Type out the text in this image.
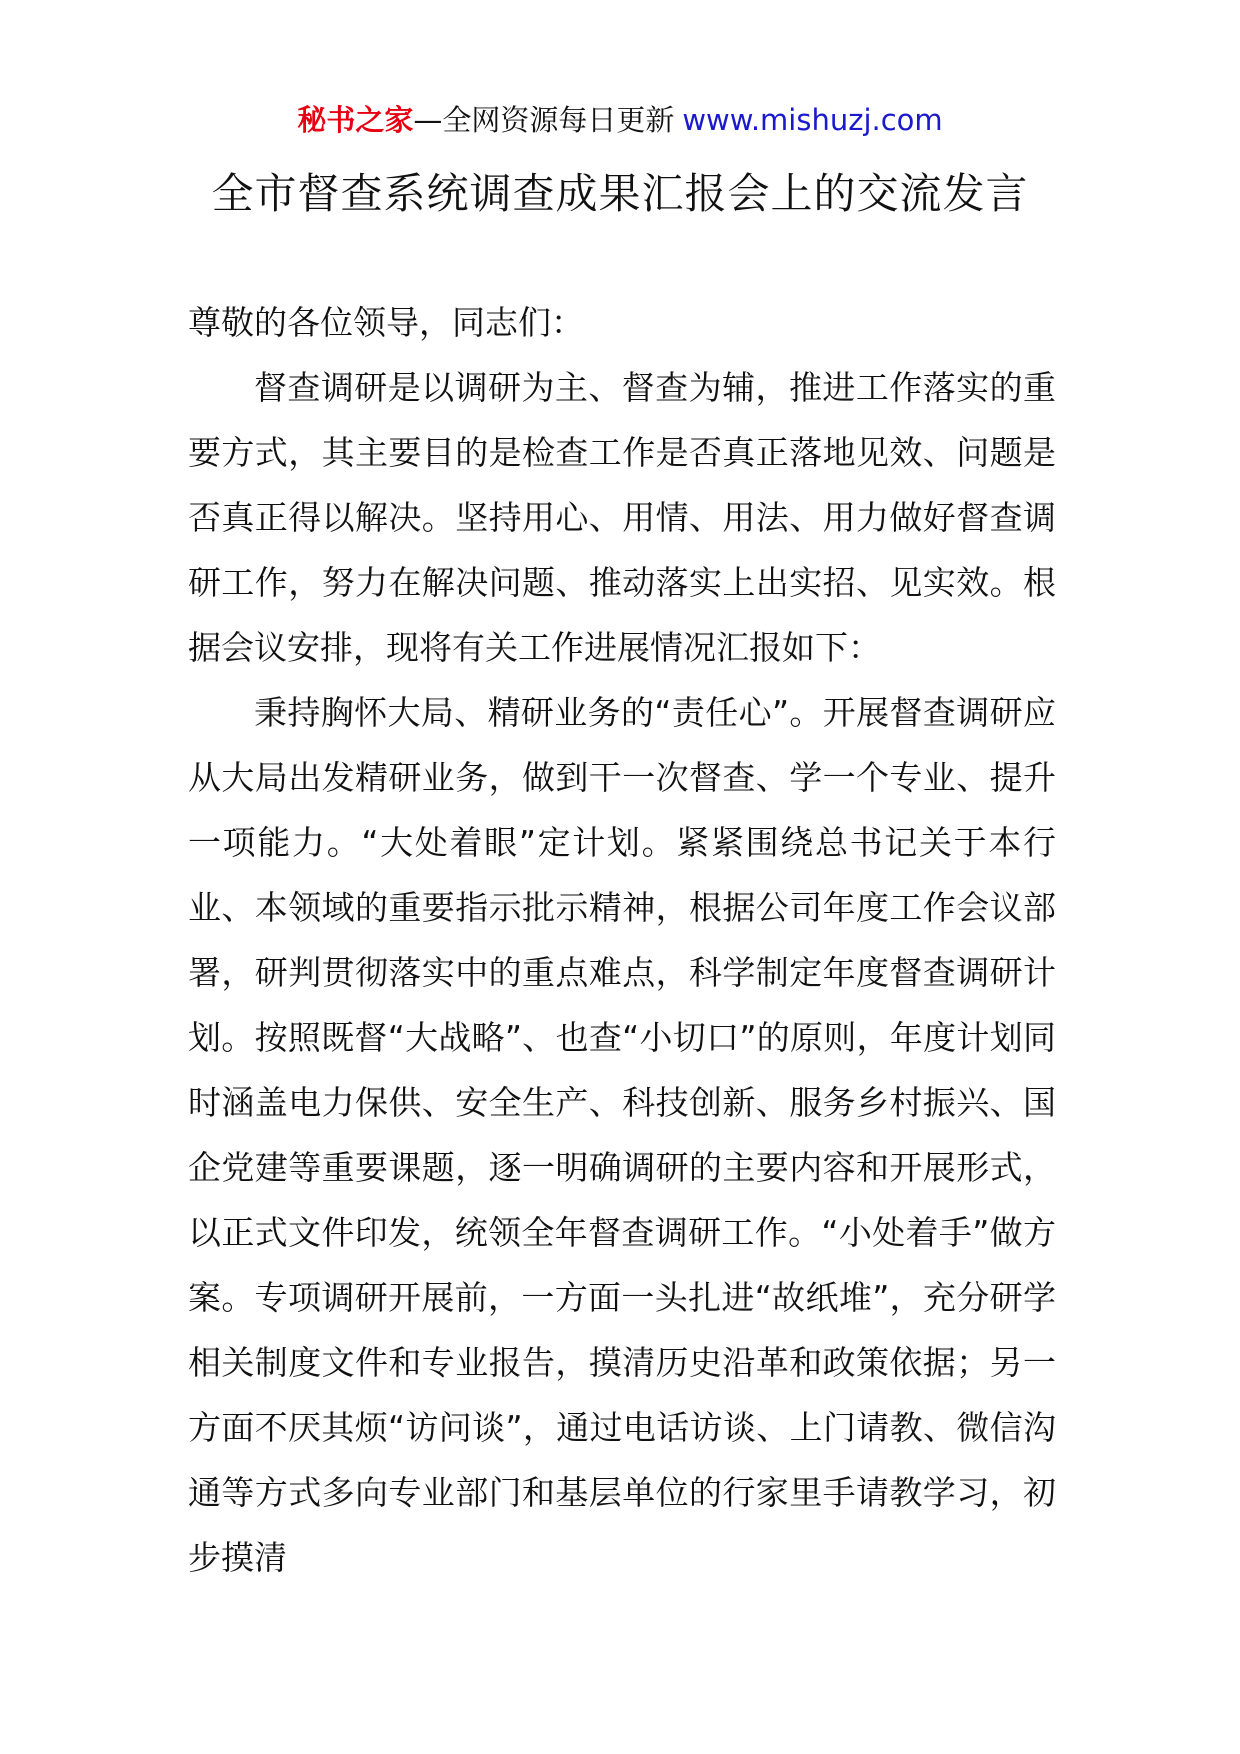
秘书之家—全网资源每日更新 www.mishuzj.com
全市督查系统调查成果汇报会上的交流发言

尊敬的各位领导，同志们：

督查调研是以调研为主、督查为辅，推进工作落实的重要方式，其主要目的是检查工作是否真正落地见效、问题是否真正得以解决。坚持用心、用情、用法、用力做好督查调研工作，努力在解决问题、推动落实上出实招、见实效。根据会议安排，现将有关工作进展情况汇报如下：

秉持胸怀大局、精研业务的“责任心”。开展督查调研应从大局出发精研业务，做到干一次督查、学一个专业、提升一项能力。“大处着眼”定计划。紧紧围绕总书记关于本行业、本领域的重要指示批示精神，根据公司年度工作会议部署，研判贯彻落实中的重点难点，科学制定年度督查调研计划。按照既督“大战略”、也查“小切口”的原则，年度计划同时涵盖电力保供、安全生产、科技创新、服务乡村振兴、国企党建等重要课题，逐一明确调研的主要内容和开展形式，以正式文件印发，统领全年督查调研工作。“小处着手”做方案。专项调研开展前，一方面一头扎进“故纸堆”，充分研学相关制度文件和专业报告，摸清历史沿革和政策依据；另一方面不厌其烦“访问谈”，通过电话访谈、上门请教、微信沟通等方式多向专业部门和基层单位的行家里手请教学习，初步摸清
